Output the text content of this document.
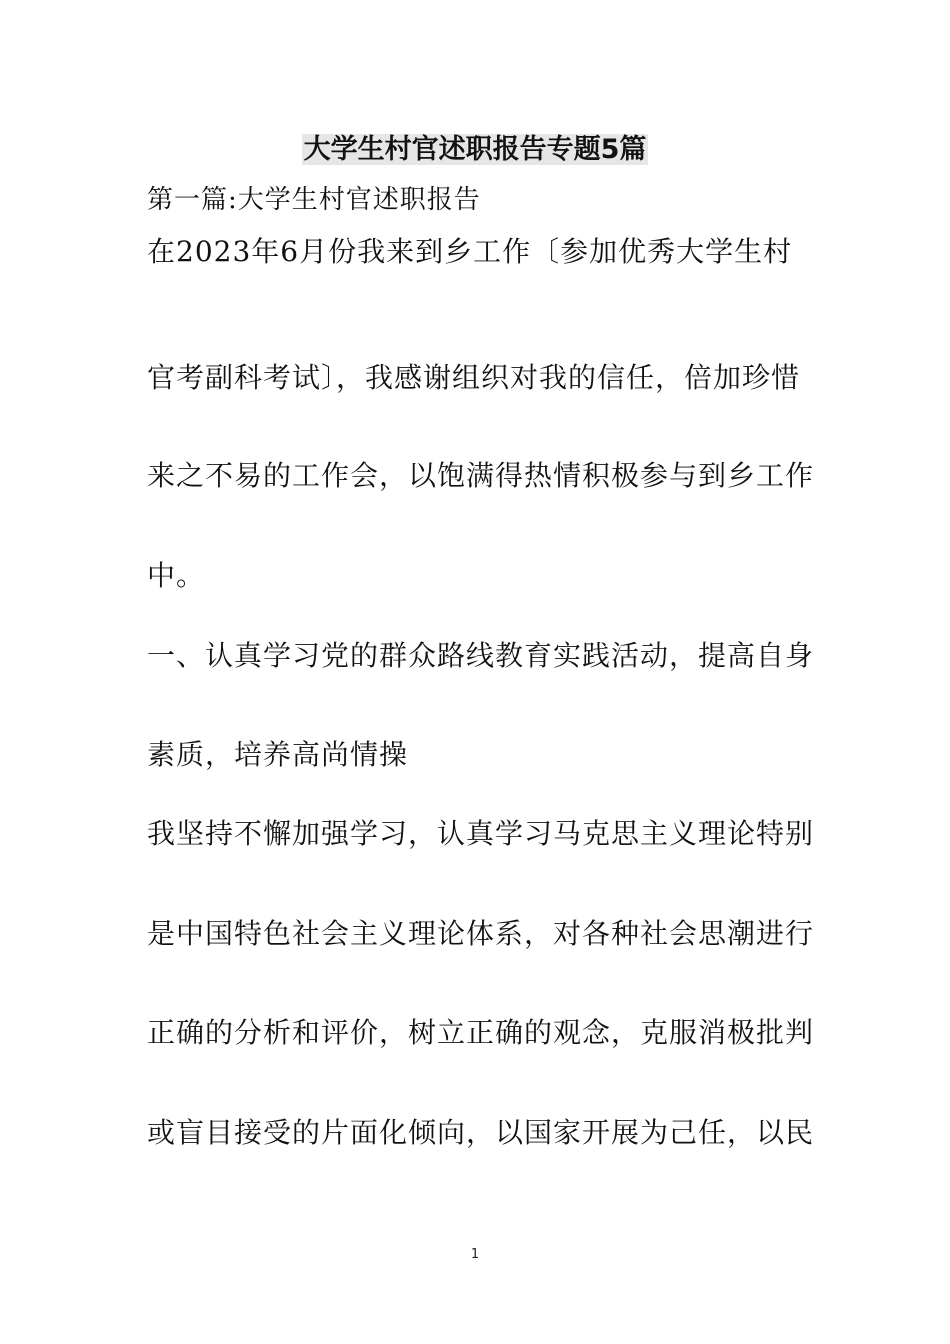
大学生村官述职报告专题5篇
第一篇:大学生村官述职报告
在2023年6月份我来到乡工作〔参加优秀大学生村
官考副科考试〕，我感谢组织对我的信任，倍加珍惜
来之不易的工作会，以饱满得热情积极参与到乡工作
中。
一、认真学习党的群众路线教育实践活动，提高自身
素质，培养高尚情操
我坚持不懈加强学习，认真学习马克思主义理论特别
是中国特色社会主义理论体系，对各种社会思潮进行
正确的分析和评价，树立正确的观念，克服消极批判
或盲目接受的片面化倾向，以国家开展为己任，以民
1
